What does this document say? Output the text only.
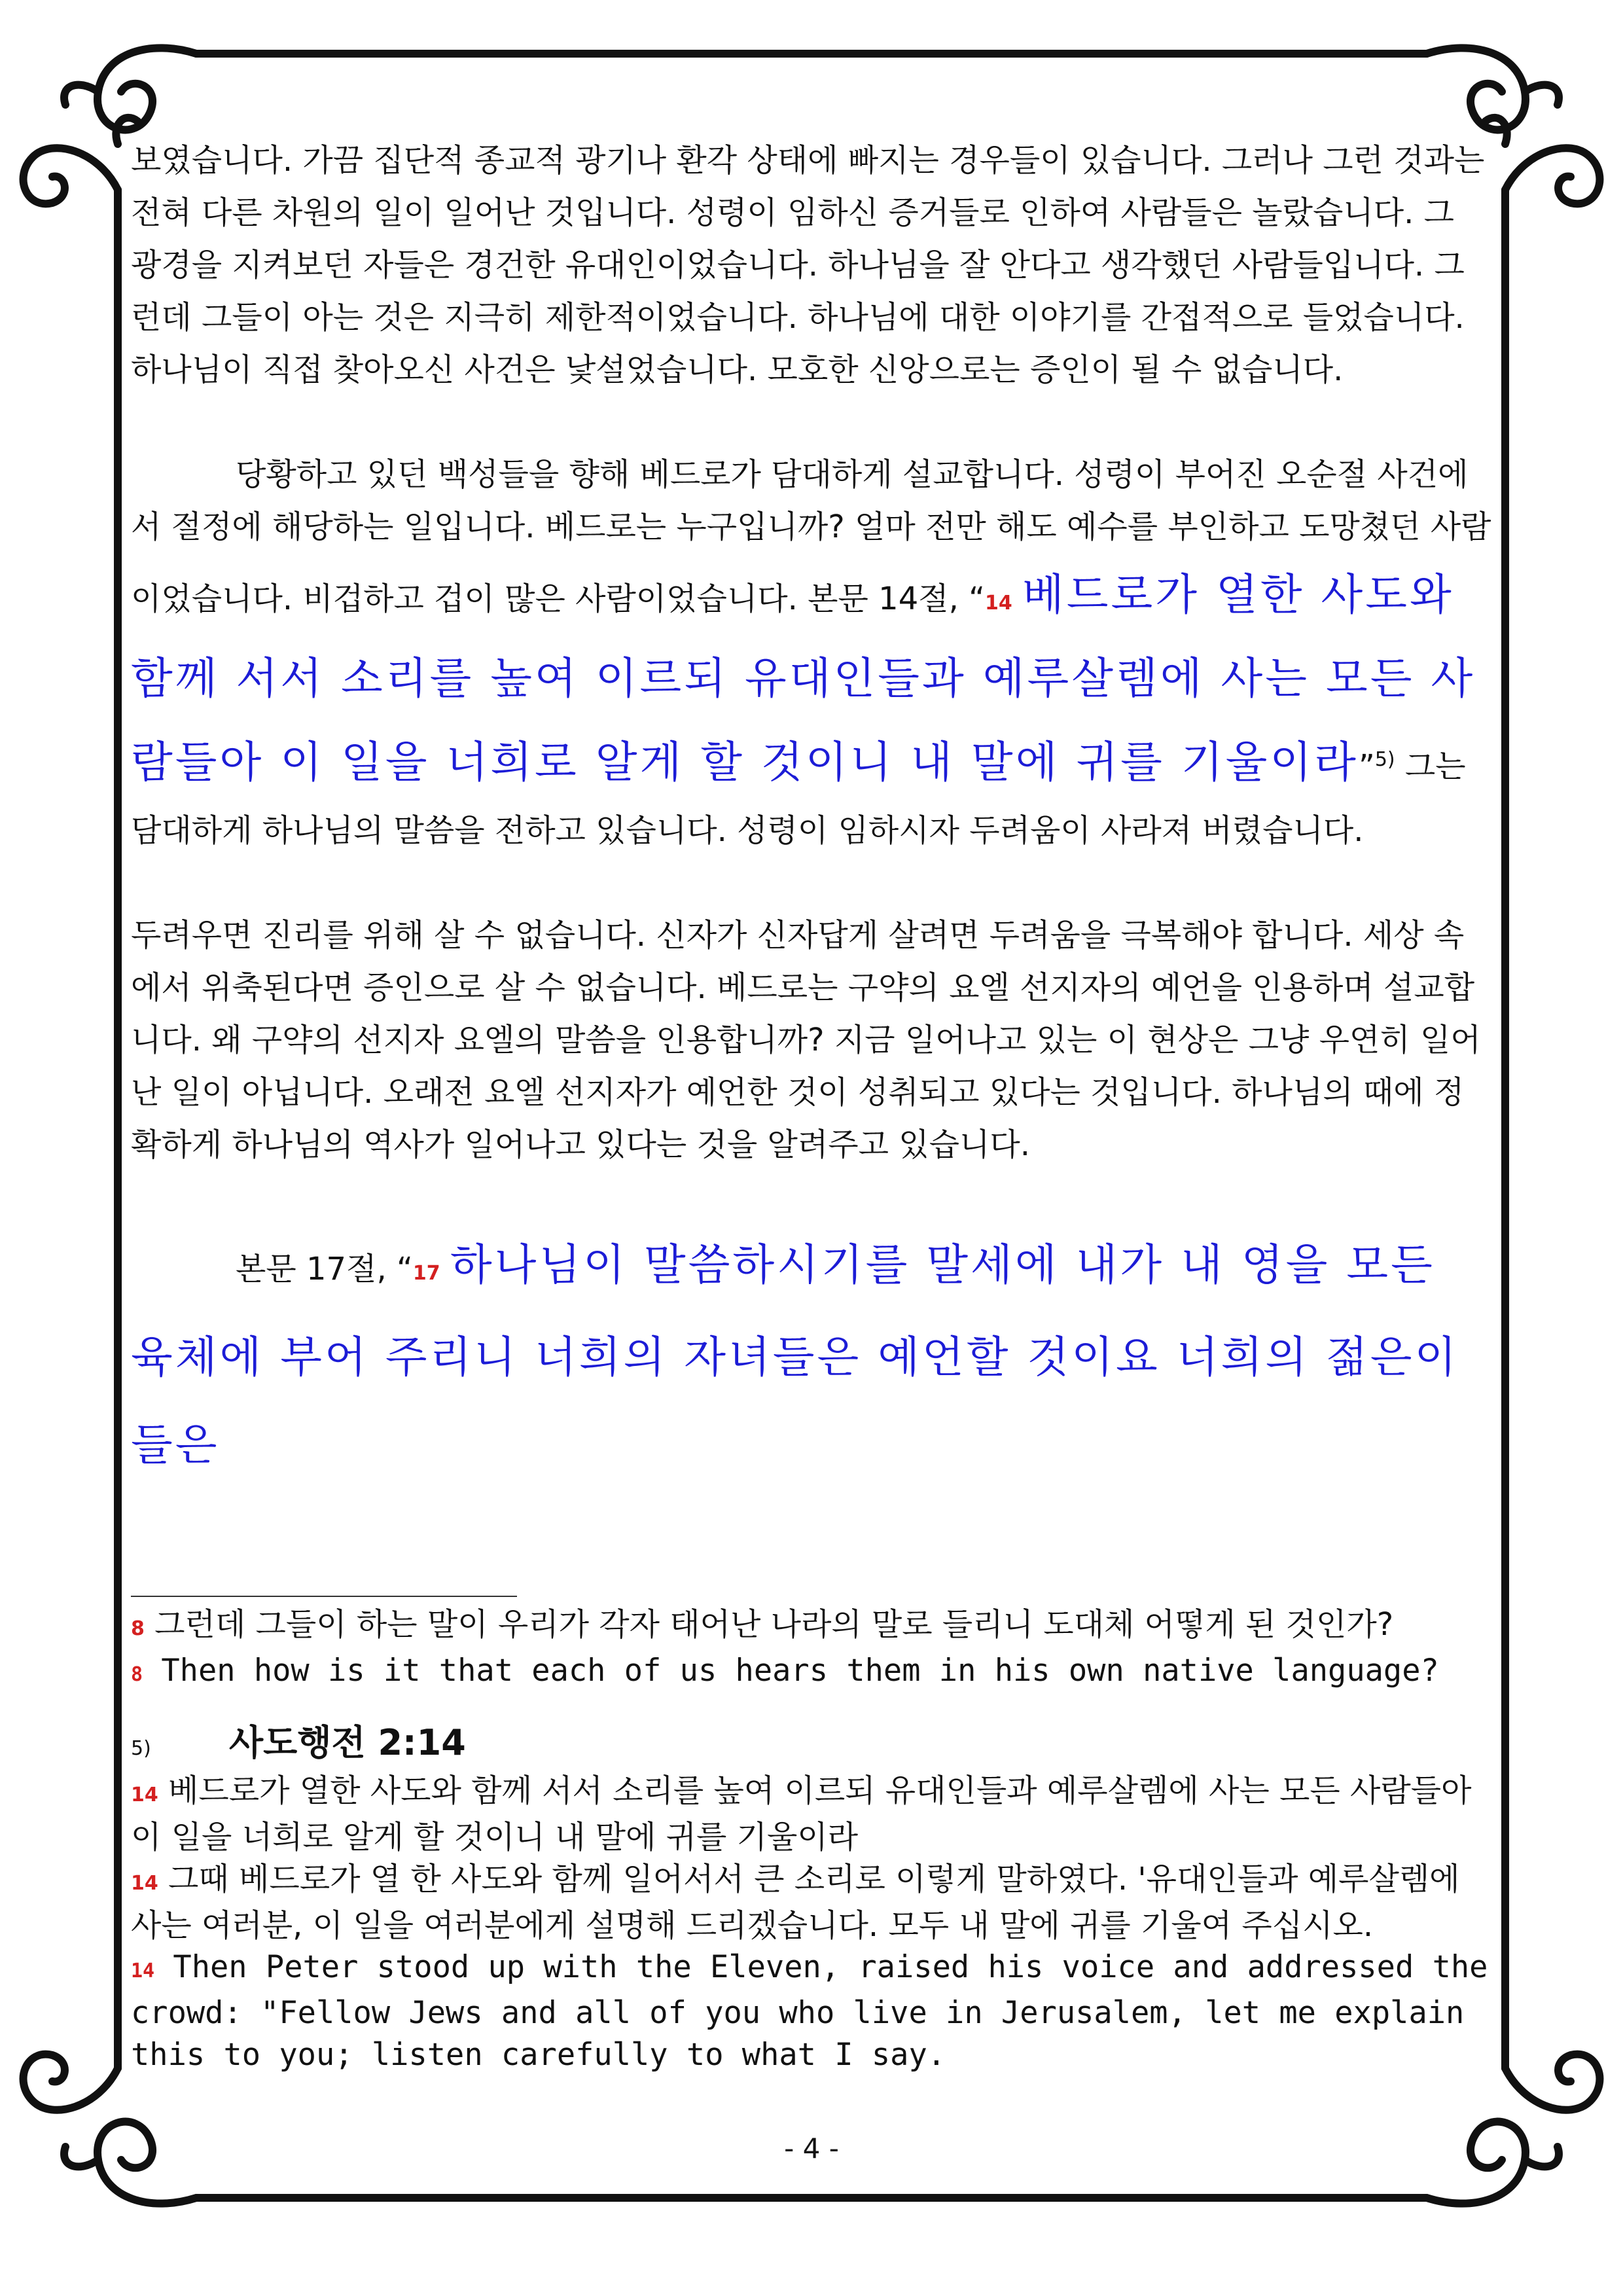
보였습니다. 가끔 집단적 종교적 광기나 환각 상태에 빠지는 경우들이 있습니다. 그러나 그런 것과는 전혀 다른 차원의 일이 일어난 것입니다. 성령이 임하신 증거들로 인하여 사람들은 놀랐습니다. 그 광경을 지켜보던 자들은 경건한 유대인이었습니다. 하나님을 잘 안다고 생각했던 사람들입니다. 그런데 그들이 아는 것은 지극히 제한적이었습니다. 하나님에 대한 이야기를 간접적으로 들었습니다. 하나님이 직접 찾아오신 사건은 낯설었습니다. 모호한 신앙으로는 증인이 될 수 없습니다.

당황하고 있던 백성들을 향해 베드로가 담대하게 설교합니다. 성령이 부어진 오순절 사건에서 절정에 해당하는 일입니다. 베드로는 누구입니까? 얼마 전만 해도 예수를 부인하고 도망쳤던 사람이었습니다. 비겁하고 겁이 많은 사람이었습니다. 본문 14절, “14 베드로가 열한 사도와 함께 서서 소리를 높여 이르되 유대인들과 예루살렘에 사는 모든 사람들아 이 일을 너희로 알게 할 것이니 내 말에 귀를 기울이라”$^{5)}$ 그는 담대하게 하나님의 말씀을 전하고 있습니다. 성령이 임하시자 두려움이 사라져 버렸습니다.

두려우면 진리를 위해 살 수 없습니다. 신자가 신자답게 살려면 두려움을 극복해야 합니다. 세상 속에서 위축된다면 증인으로 살 수 없습니다. 베드로는 구약의 요엘 선지자의 예언을 인용하며 설교합니다. 왜 구약의 선지자 요엘의 말씀을 인용합니까? 지금 일어나고 있는 이 현상은 그냥 우연히 일어난 일이 아닙니다. 오래전 요엘 선지자가 예언한 것이 성취되고 있다는 것입니다. 하나님의 때에 정확하게 하나님의 역사가 일어나고 있다는 것을 알려주고 있습니다.

본문 17절, “17 하나님이 말씀하시기를 말세에 내가 내 영을 모든 육체에 부어 주리니 너희의 자녀들은 예언할 것이요 너희의 젊은이들은

8 그런데 그들이 하는 말이 우리가 각자 태어난 나라의 말로 들리니 도대체 어떻게 된 것인가?

8 Then how is it that each of us hears them in his own native language?

5) 사도행전 2:14

14 베드로가 열한 사도와 함께 서서 소리를 높여 이르되 유대인들과 예루살렘에 사는 모든 사람들아 이 일을 너희로 알게 할 것이니 내 말에 귀를 기울이라

14 그때 베드로가 열 한 사도와 함께 일어서서 큰 소리로 이렇게 말하였다. '유대인들과 예루살렘에 사는 여러분, 이 일을 여러분에게 설명해 드리겠습니다. 모두 내 말에 귀를 기울여 주십시오.

14 Then Peter stood up with the Eleven, raised his voice and addressed the crowd: "Fellow Jews and all of you who live in Jerusalem, let me explain this to you; listen carefully to what I say.

- 4 -
